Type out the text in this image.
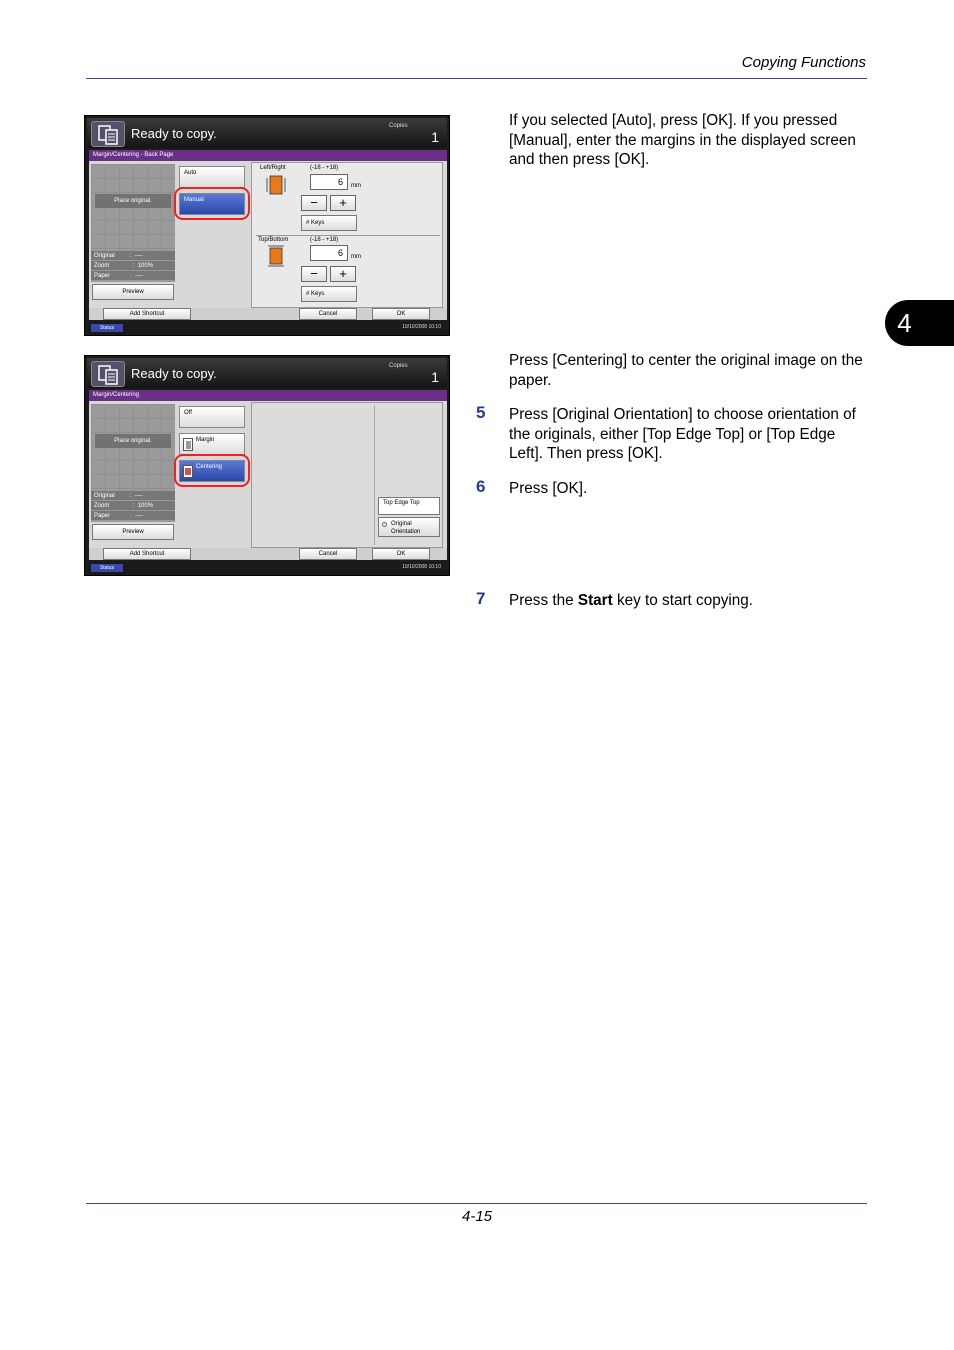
Copying Functions
4
Ready to copy.	Copies
1
Margin/Centering - Back Page
Place original.
Original	:  ----
Zoom	:  100%
Paper	:  ----
Preview
Auto
Manual
Left/Right	(-18 - +18)
6	mm
−	+
# Keys
Top/Bottom	(-18 - +18)
6	mm
−	+
# Keys
Add Shortcut	Cancel	OK
Status	10/10/2008 10:10
Ready to copy.	Copies
1
Margin/Centering
Place original.
Original	:  ----
Zoom	:  100%
Paper	:  ----
Preview
Off
Margin
Centering
Top Edge Top
Original Orientation
Add Shortcut	Cancel	OK
Status	10/10/2008 10:10
If you selected [Auto], press [OK]. If you pressed [Manual], enter the margins in the displayed screen and then press [OK].
Press [Centering] to center the original image on the paper.
5 Press [Original Orientation] to choose orientation of the originals, either [Top Edge Top] or [Top Edge Left]. Then press [OK].
6 Press [OK].
7 Press the Start key to start copying.
4-15
